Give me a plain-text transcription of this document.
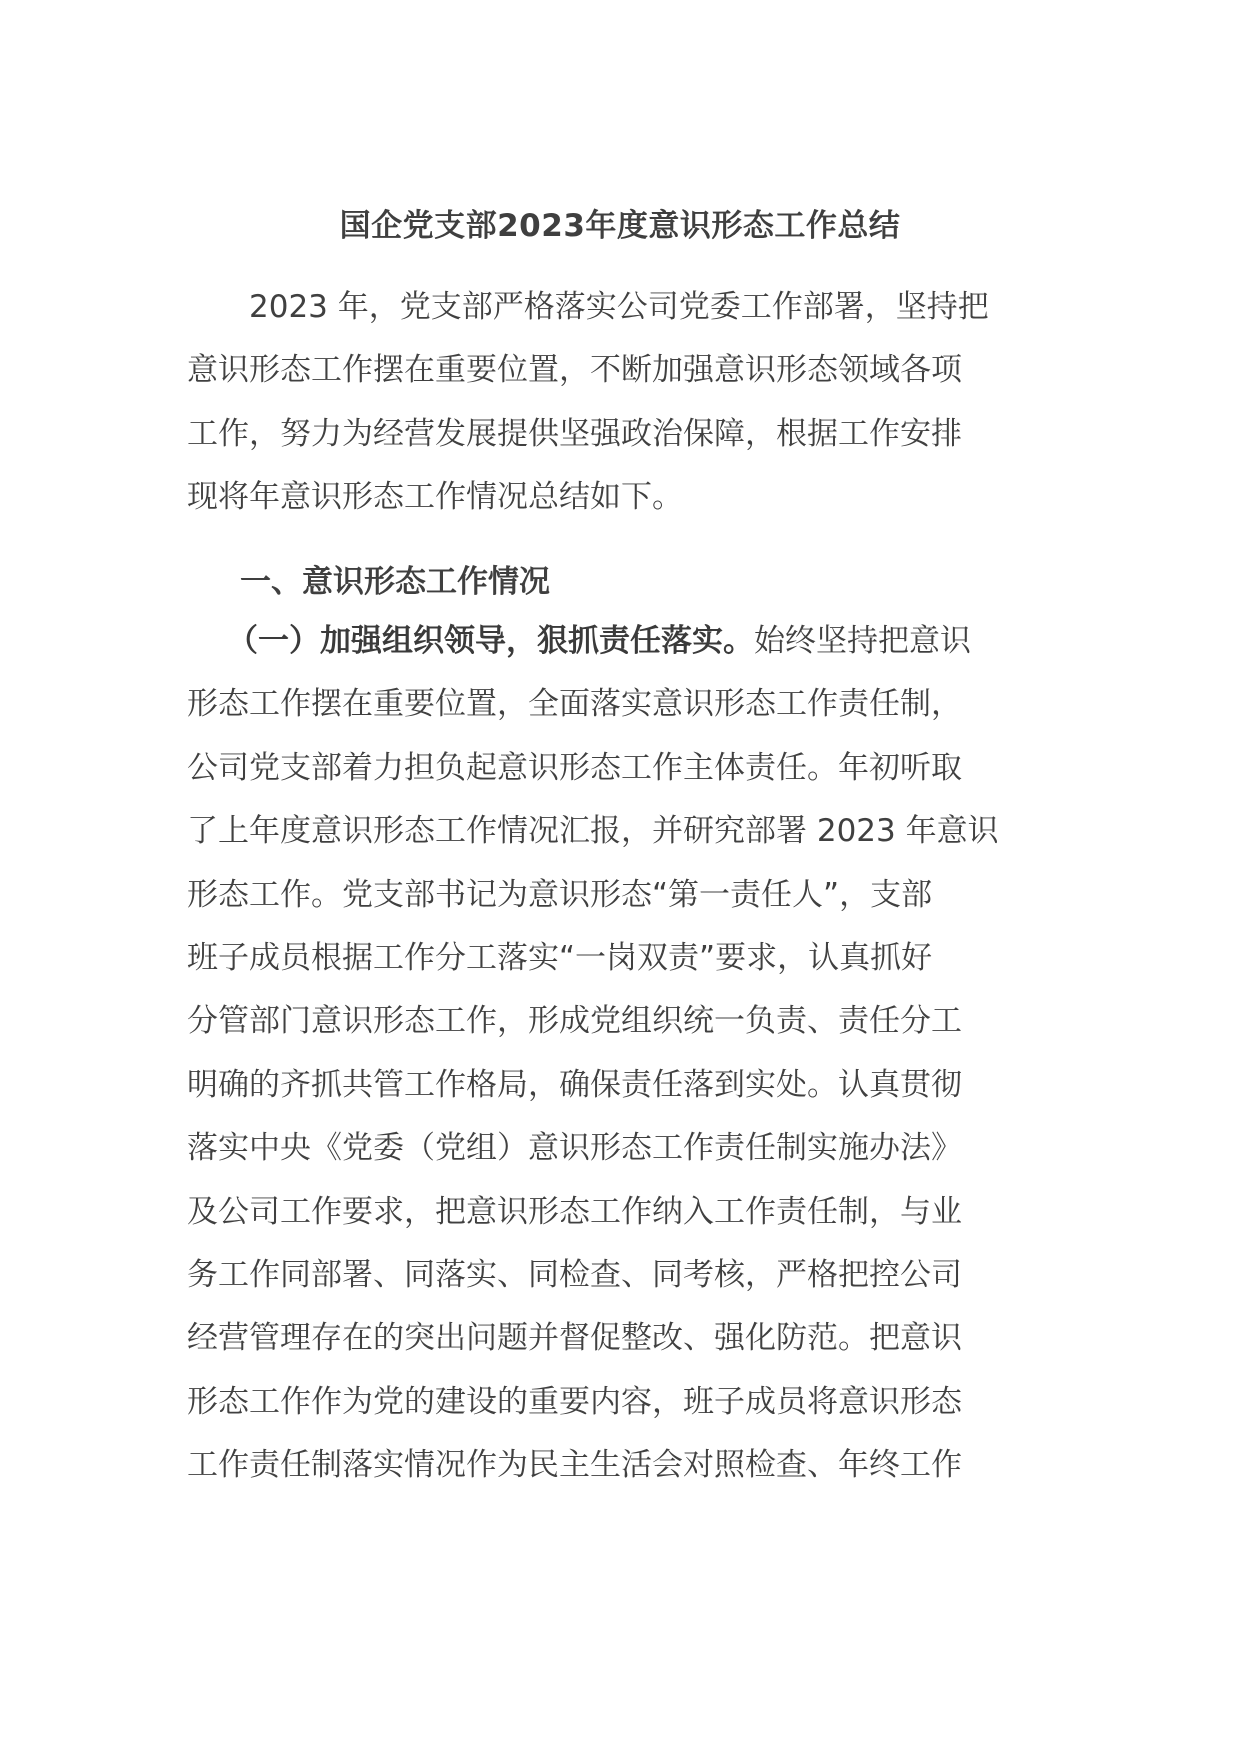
国企党支部2023年度意识形态工作总结
　　2023 年，党支部严格落实公司党委工作部署，坚持把
意识形态工作摆在重要位置，不断加强意识形态领域各项
工作，努力为经营发展提供坚强政治保障，根据工作安排
现将年意识形态工作情况总结如下。
一、意识形态工作情况
（一）加强组织领导，狠抓责任落实。始终坚持把意识
形态工作摆在重要位置，全面落实意识形态工作责任制，
公司党支部着力担负起意识形态工作主体责任。年初听取
了上年度意识形态工作情况汇报，并研究部署 2023 年意识
形态工作。党支部书记为意识形态“第一责任人”，支部
班子成员根据工作分工落实“一岗双责”要求，认真抓好
分管部门意识形态工作，形成党组织统一负责、责任分工
明确的齐抓共管工作格局，确保责任落到实处。认真贯彻
落实中央《党委（党组）意识形态工作责任制实施办法》
及公司工作要求，把意识形态工作纳入工作责任制，与业
务工作同部署、同落实、同检查、同考核，严格把控公司
经营管理存在的突出问题并督促整改、强化防范。把意识
形态工作作为党的建设的重要内容，班子成员将意识形态
工作责任制落实情况作为民主生活会对照检查、年终工作
